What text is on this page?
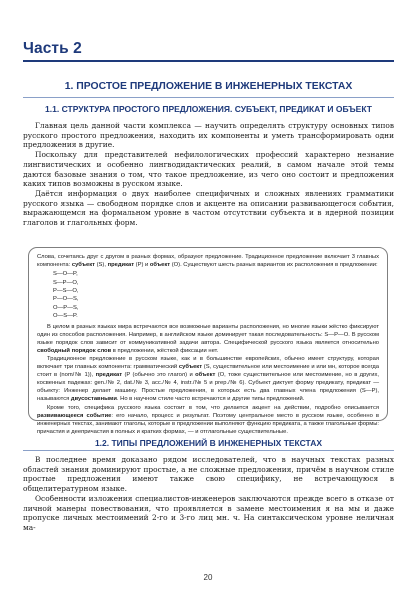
Часть 2
1. ПРОСТОЕ ПРЕДЛОЖЕНИЕ В ИНЖЕНЕРНЫХ ТЕКСТАХ
1.1. СТРУКТУРА ПРОСТОГО ПРЕДЛОЖЕНИЯ. СУБЪЕКТ, ПРЕДИКАТ И ОБЪЕКТ

Главная цель данной части комплекса — научить определять структуру основных типов русского простого предложения, находить их компоненты и уметь трансформировать одни предложения в другие.

Поскольку для представителей нефилологических профессий характерно незнание лингвистических и особенно лингводидактических реалий, в самом начале этой темы даются базовые знания о том, что такое предложение, из чего оно состоит и предложения каких типов возможны в русском языке.

Даётся информация о двух наиболее специфичных и сложных явлениях грамматики русского языка — свободном порядке слов и акценте на описании развивающегося события, выражающемся на формальном уровне в частом отсутствии субъекта и в ядерной позиции глаголов и глагольных форм.

Слова, сочетаясь друг с другом в разных формах, образуют предложение. Традиционное предложение включает 3 главных компонента: субъект (S), предикат (P) и объект (O). Существуют шесть разных вариантов их расположения в предложении:

S—O—P,
S—P—O,
P—S—O,
P—O—S,
O—P—S,
O—S—P.

В целом в разных языках мира встречаются все возможные варианты расположения, но многие языки жёстко фиксируют один из способов расположения. Например, в английском языке доминирует такая последовательность: S—P—O. В русском языке порядок слов зависит от коммуникативной задачи автора. Специфической русского языка является относительно свободный порядок слов в предложении, жёсткой фиксации нет.

Традиционное предложение в русском языке, как и в большинстве европейских, обычно имеет структуру, которая включает три главных компонента: грамматический субъект (S, существительное или местоимение и или мн, которое всегда стоит в (nom/№ 1)), предикат (P (обычно это глагол) и объект (O, тоже существительное или местоимение, но в других, косвенных падежах: gen./№ 2, dat./№ 3, acc./№ 4, instr./№ 5 и prep./№ 6). Субъект диктует форму предикату, предикат — объекту: Инженер делает машину. Простые предложения, в которых есть два главных члена предложения (S—P), называются двусоставными. Но в научном стиле часто встречаются и другие типы предложений.

Кроме того, специфика русского языка состоит в том, что делается акцент на действии, подробно описывается развивающееся событие: его начало, процесс и результат. Поэтому центральное место в русском языке, особенно в инженерных текстах, занимают глаголы, которые в предложении выполняют функцию предиката, а также глагольные формы: причастия и деепричастия в полных и кратких формах, — и отглагольные существительные.

1.2. ТИПЫ ПРЕДЛОЖЕНИЙ В ИНЖЕНЕРНЫХ ТЕКСТАХ

В последнее время доказано рядом исследователей, что в научных текстах разных областей знания доминируют простые, а не сложные предложения, причём в научном стиле простые предложения имеют также свою специфику, не встречающуюся в общелитературном языке.

Особенности изложения специалистов-инженеров заключаются прежде всего в отказе от личной манеры повествования, что проявляется в замене местоимения я на мы и даже пропуске личных местоимений 2-го и 3-го лиц мн. ч. На синтаксическом уровне неличная ма-

20
